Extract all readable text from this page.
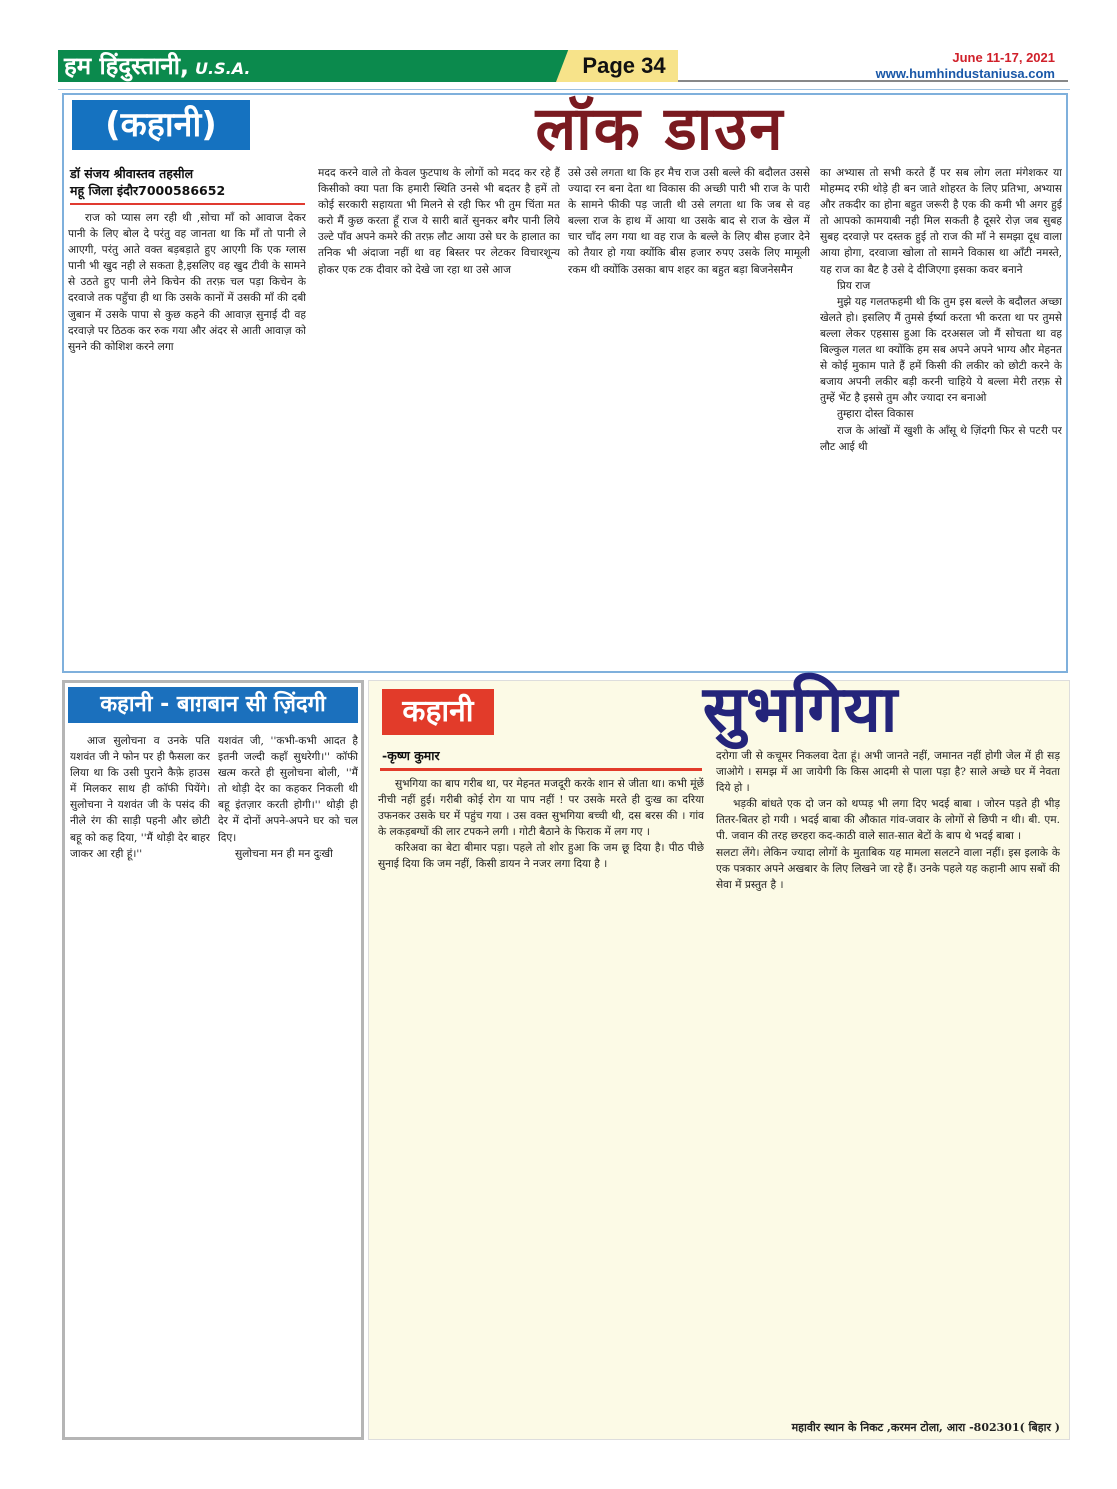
हम हिंदुस्तानी, U.S.A.	Page 34	June 11-17, 2021
www.humhindustaniusa.com
(कहानी)	लॉक डाउन
डॉ संजय श्रीवास्तव तहसील
महू जिला इंदौर7000586652

राज को प्यास लग रही थी ,सोचा माँ को आवाज देकर पानी के लिए बोल दे परंतु वह जानता था कि माँ तो पानी ले आएगी, परंतु आते वक्त बड़बड़ाते हुए आएगी कि एक ग्लास पानी भी खुद नही ले सकता है,इसलिए वह खुद टीवी के सामने से उठते हुए पानी लेने किचेन की तरफ़ चल पड़ा किचेन के दरवाजे तक पहुँचा ही था कि उसके कानों में उसकी माँ की दबी जुबान में उसके पापा से कुछ कहने की आवाज़ सुनाई दी वह दरवाज़े पर ठिठक कर रुक गया और अंदर से आती आवाज़ को सुनने की कोशिश करने लगा

मदद करने वाले तो केवल फुटपाथ के लोगों को मदद कर रहे हैं किसीको क्या पता कि हमारी स्थिति उनसे भी बदतर है हमें तो कोई सरकारी सहायता भी मिलने से रही फिर भी तुम चिंता मत करो मैं कुछ करता हूँ राज ये सारी बातें सुनकर बगैर पानी लिये उल्टे पाँव अपने कमरे की तरफ़ लौट आया उसे घर के हालात का तनिक भी अंदाजा नहीं था वह बिस्तर पर लेटकर विचारशून्य होकर एक टक दीवार को देखे जा रहा था उसे आज

उसे उसे लगता था कि हर मैच राज उसी बल्ले की बदौलत उससे ज्यादा रन बना देता था विकास की अच्छी पारी भी राज के पारी के सामने फीकी पड़ जाती थी उसे लगता था कि जब से वह बल्ला राज के हाथ में आया था उसके बाद से राज के खेल में चार चाँद लग गया था वह राज के बल्ले के लिए बीस हजार देने को तैयार हो गया क्योंकि बीस हजार रुपए उसके लिए मामूली रकम थी क्योंकि उसका बाप शहर का बहुत बड़ा बिजनेसमैन

का अभ्यास तो सभी करते हैं पर सब लोग लता मंगेशकर या मोहम्मद रफी थोड़े ही बन जाते शोहरत के लिए प्रतिभा, अभ्यास और तकदीर का होना बहुत जरूरी है एक की कमी भी अगर हुई तो आपको कामयाबी नही मिल सकती है दूसरे रोज़ जब सुबह सुबह दरवाज़े पर दस्तक हुई तो राज की माँ ने समझा दूध वाला आया होगा, दरवाजा खोला तो सामने विकास था आँटी नमस्ते, यह राज का बैट है उसे दे दीजिएगा इसका कवर बनाने

प्रिय राज

मुझे यह गलतफहमी थी कि तुम इस बल्ले के बदौलत अच्छा खेलते हो। इसलिए मैं तुमसे ईर्ष्या करता भी करता था पर तुमसे बल्ला लेकर एहसास हुआ कि दरअसल जो मैं सोचता था वह बिल्कुल गलत था क्योंकि हम सब अपने अपने भाग्य और मेहनत से कोई मुकाम पाते हैं हमें किसी की लकीर को छोटी करने के बजाय अपनी लकीर बड़ी करनी चाहिये ये बल्ला मेरी तरफ़ से तुम्हें भेंट है इससे तुम और ज्यादा रन बनाओ

तुम्हारा दोस्त विकास

राज के आंखों में खुशी के आँसू थे ज़िंदगी फिर से पटरी पर लौट आई थी

कहानी - बाग़बान सी ज़िंदगी

आज सुलोचना व उनके पति यशवंत जी ने फोन पर ही फैसला कर लिया था कि उसी पुराने कैफ़े हाउस में मिलकर साथ ही कॉफी पियेंगे। सुलोचना ने यशवंत जी के पसंद की नीले रंग की साड़ी पहनी और छोटी बहू को कह दिया, ''मैं थोड़ी देर बाहर जाकर आ रही हूं।''

यशवंत जी, ''कभी-कभी आदत है इतनी जल्दी कहाँ सुधरेगी।'' कॉफी खत्म करते ही सुलोचना बोली, ''मैं तो थोड़ी देर का कहकर निकली थी बहू इंतज़ार करती होगी।'' थोड़ी ही देर में दोनों अपने-अपने घर को चल दिए।

सुलोचना मन ही मन दुःखी

कहानी	सुभगिया
-कृष्ण कुमार

सुभगिया का बाप गरीब था, पर मेहनत मजदूरी करके शान से जीता था। कभी मूंछें नीची नहीं हुई। गरीबी कोई रोग या पाप नहीं ! पर उसके मरते ही दुःख का दरिया उफनकर उसके घर में पहुंच गया । उस वक्त सुभगिया बच्ची थी, दस बरस की । गांव के लकड़बग्घों की लार टपकने लगी । गोटी बैठाने के फिराक में लग गए ।

करिअवा का बेटा बीमार पड़ा। पहले तो शोर हुआ कि जम छू दिया है। पीठ पीछे सुनाई दिया कि जम नहीं, किसी डायन ने नजर लगा दिया है ।

दरोगा जी से कचूमर निकलवा देता हूं। अभी जानते नहीं, जमानत नहीं होगी जेल में ही सड़ जाओगे । समझ में आ जायेगी कि किस आदमी से पाला पड़ा है? साले अच्छे घर में नेवता दिये हो ।

भड़की बांधते एक दो जन को थप्पड़ भी लगा दिए भदई बाबा । जोरन पड़ते ही भीड़ तितर-बितर हो गयी । भदई बाबा की औकात गांव-जवार के लोगों से छिपी न थी। बी. एम. पी. जवान की तरह छरहरा कद-काठी वाले सात-सात बेटों के बाप थे भदई बाबा ।

सलटा लेंगे। लेकिन ज्यादा लोगों के मुताबिक यह मामला सलटने वाला नहीं। इस इलाके के एक पत्रकार अपने अखबार के लिए लिखने जा रहे हैं। उनके पहले यह कहानी आप सबों की सेवा में प्रस्तुत है ।

महावीर स्थान के निकट ,करमन टोला, आरा -802301( बिहार )
